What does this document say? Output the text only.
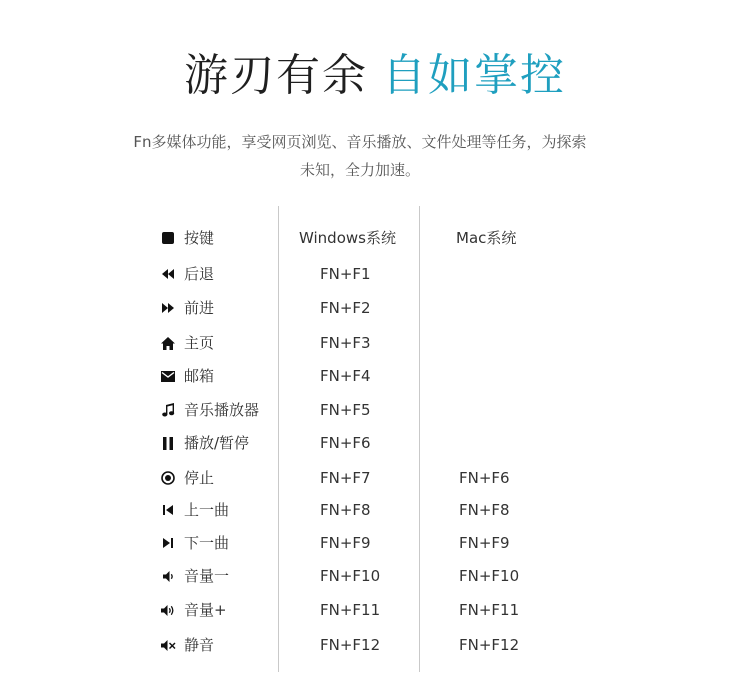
游刃有余 自如掌控
Fn多媒体功能，享受网页浏览、音乐播放、文件处理等任务，为探索
未知，全力加速。
按键	Windows系统	Mac系统
后退	FN+F1
前进	FN+F2
主页	FN+F3
邮箱	FN+F4
音乐播放器	FN+F5
播放/暂停	FN+F6
停止	FN+F7	FN+F6
上一曲	FN+F8	FN+F8
下一曲	FN+F9	FN+F9
音量一	FN+F10	FN+F10
音量+	FN+F11	FN+F11
静音	FN+F12	FN+F12
